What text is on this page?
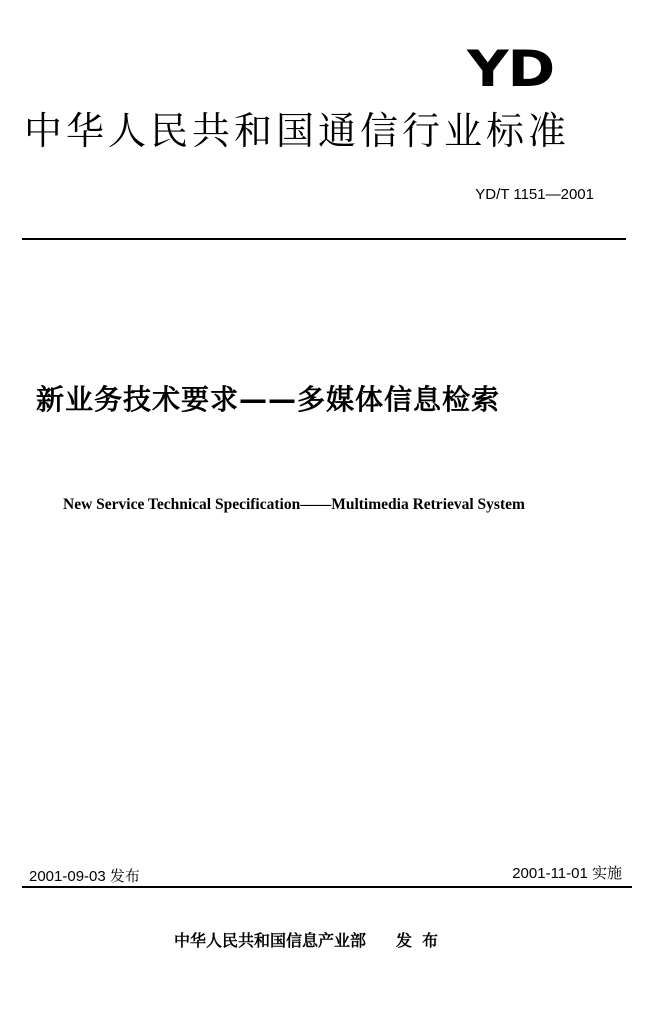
YD
中华人民共和国通信行业标准
YD/T 1151—2001
新业务技术要求——多媒体信息检索
New Service Technical Specification——Multimedia Retrieval System
2001-09-03 发布	2001-11-01 实施
中华人民共和国信息产业部 发布
